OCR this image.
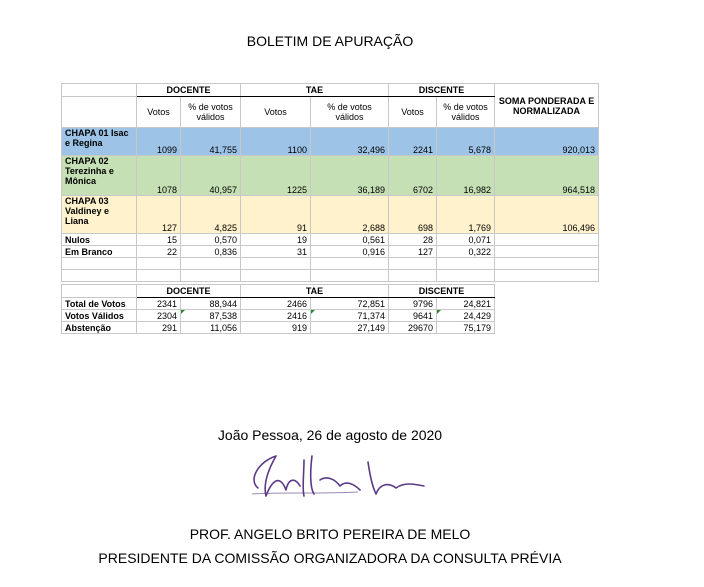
BOLETIM DE APURAÇÃO
	DOCENTE		TAE		DISCENTE		SOMA PONDERADA E NORMALIZADA
	Votos	% de votos válidos	Votos	% de votos válidos	Votos	% de votos válidos	
CHAPA 01 Isac e Regina	1099	41,755	1100	32,496	2241	5,678	920,013
CHAPA 02 Terezinha e Mônica	1078	40,957	1225	36,189	6702	16,982	964,518
CHAPA 03 Valdiney e Liana	127	4,825	91	2,688	698	1,769	106,496
Nulos	15	0,570	19	0,561	28	0,071	
Em Branco	22	0,836	31	0,916	127	0,322	

	DOCENTE		TAE		DISCENTE		
Total de Votos	2341	88,944	2466	72,851	9796	24,821	
Votos Válidos	2304	87,538	2416	71,374	9641	24,429	
Abstenção	291	11,056	919	27,149	29670	75,179	
João Pessoa, 26 de agosto de 2020
PROF. ANGELO BRITO PEREIRA DE MELO
PRESIDENTE DA COMISSÃO ORGANIZADORA DA CONSULTA PRÉVIA
